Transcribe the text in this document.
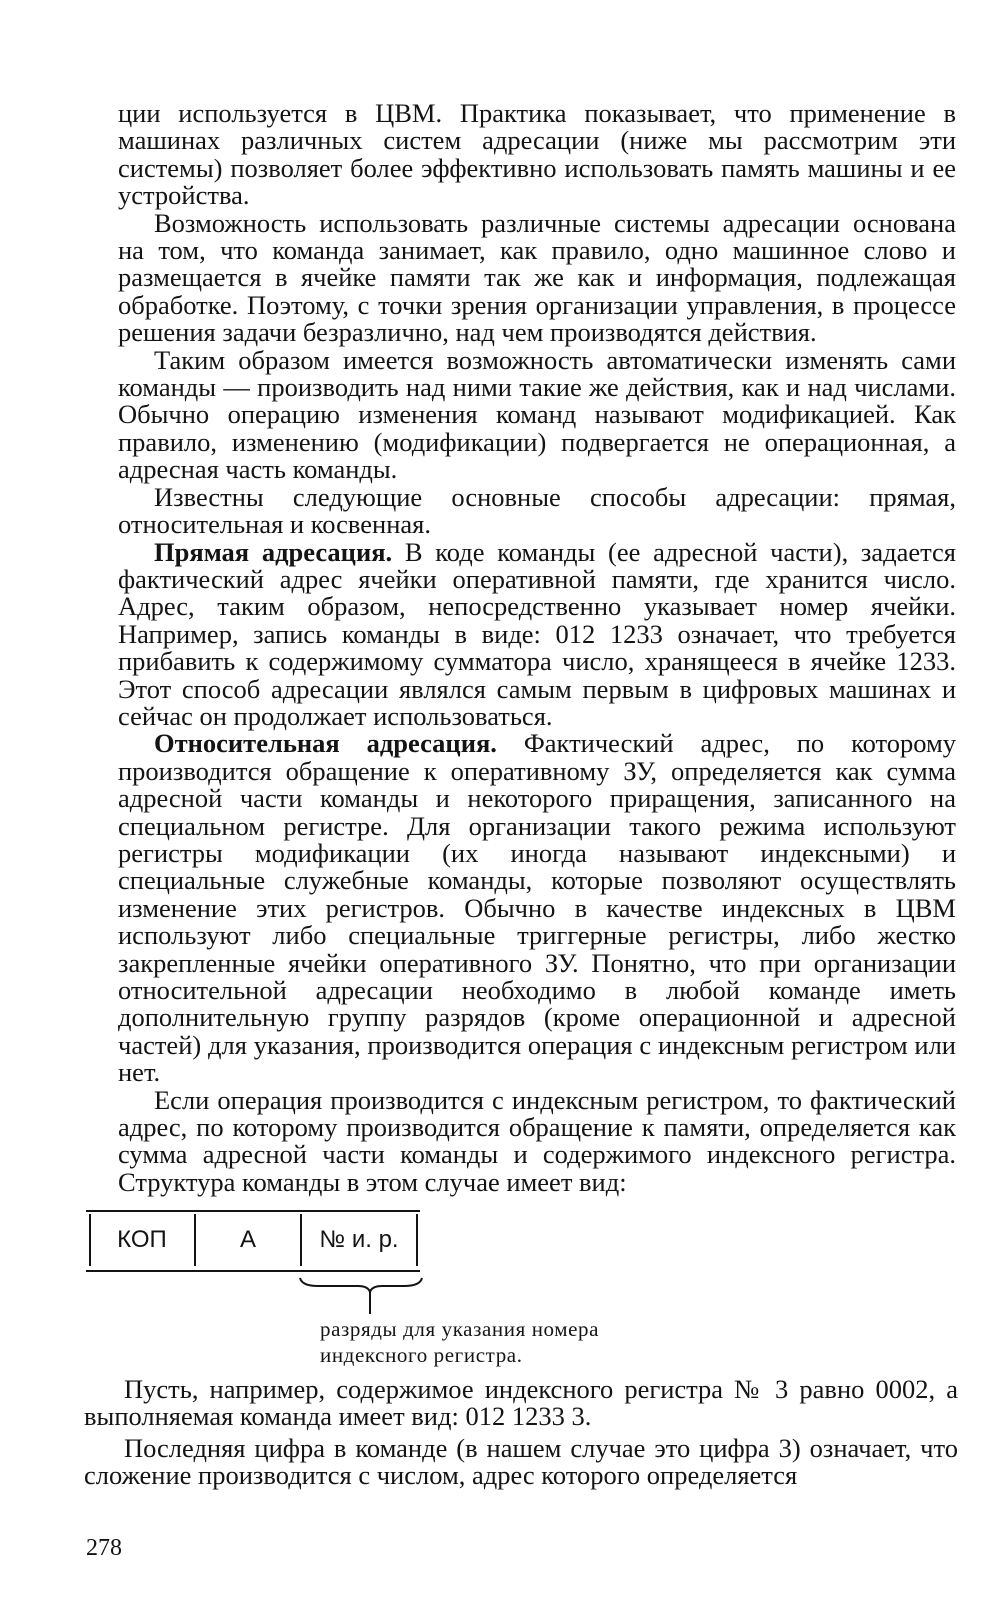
ции используется в ЦВМ. Практика показывает, что применение в машинах различных систем адресации (ниже мы рассмотрим эти системы) позволяет более эффективно использовать память машины и ее устройства.

Возможность использовать различные системы адресации основана на том, что команда занимает, как правило, одно машинное слово и размещается в ячейке памяти так же как и информация, подлежащая обработке. Поэтому, с точки зрения организации управления, в процессе решения задачи безразлично, над чем производятся действия.

Таким образом имеется возможность автоматически изменять сами команды — производить над ними такие же действия, как и над числами. Обычно операцию изменения команд называют модификацией. Как правило, изменению (модификации) подвергается не операционная, а адресная часть команды.

Известны следующие основные способы адресации: прямая, относительная и косвенная.

Прямая адресация. В коде команды (ее адресной части), задается фактический адрес ячейки оперативной памяти, где хранится число. Адрес, таким образом, непосредственно указывает номер ячейки. Например, запись команды в виде: 012 1233 означает, что требуется прибавить к содержимому сумматора число, хранящееся в ячейке 1233. Этот способ адресации являлся самым первым в цифровых машинах и сейчас он продолжает использоваться.

Относительная адресация. Фактический адрес, по которому производится обращение к оперативному ЗУ, определяется как сумма адресной части команды и некоторого приращения, записанного на специальном регистре. Для организации такого режима используют регистры модификации (их иногда называют индексными) и специальные служебные команды, которые позволяют осуществлять изменение этих регистров. Обычно в качестве индексных в ЦВМ используют либо специальные триггерные регистры, либо жестко закрепленные ячейки оперативного ЗУ. Понятно, что при организации относительной адресации необходимо в любой команде иметь дополнительную группу разрядов (кроме операционной и адресной частей) для указания, производится операция с индексным регистром или нет.

Если операция производится с индексным регистром, то фактический адрес, по которому производится обращение к памяти, определяется как сумма адресной части команды и содержимого индексного регистра. Структура команды в этом случае имеет вид:

КОП	А	№ и. р.
разряды для указания номера
индексного регистра.

Пусть, например, содержимое индексного регистра № 3 равно 0002, а выполняемая команда имеет вид: 012 1233 3.

Последняя цифра в команде (в нашем случае это цифра 3) означает, что сложение производится с числом, адрес которого определяется

278
